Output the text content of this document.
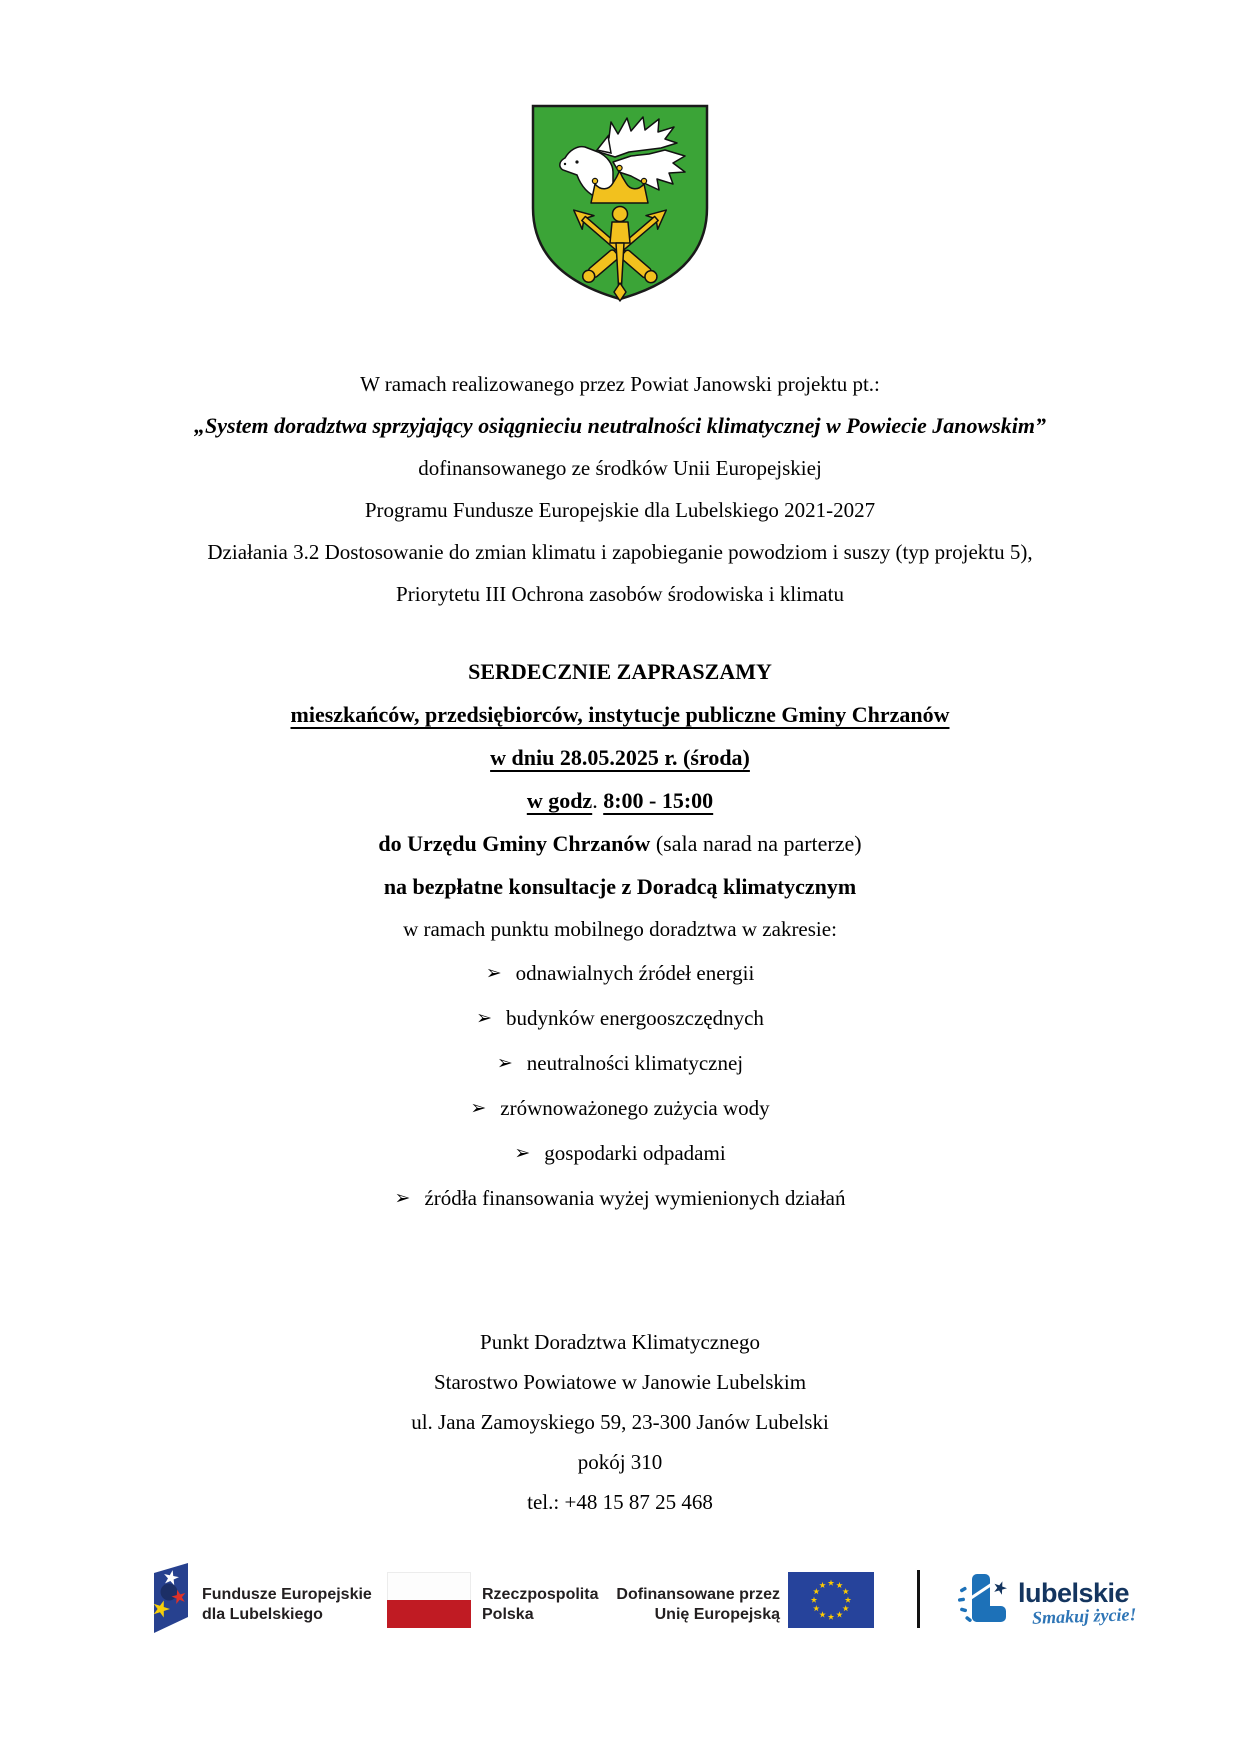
W ramach realizowanego przez Powiat Janowski projektu pt.:
„System doradztwa sprzyjający osiągnieciu neutralności klimatycznej w Powiecie Janowskim”
dofinansowanego ze środków Unii Europejskiej
Programu Fundusze Europejskie dla Lubelskiego 2021-2027
Działania 3.2 Dostosowanie do zmian klimatu i zapobieganie powodziom i suszy (typ projektu 5),
Priorytetu III Ochrona zasobów środowiska i klimatu
SERDECZNIE ZAPRASZAMY
mieszkańców, przedsiębiorców, instytucje publiczne Gminy Chrzanów
w dniu 28.05.2025 r. (środa)
w godz. 8:00 - 15:00
do Urzędu Gminy Chrzanów (sala narad na parterze)
na bezpłatne konsultacje z Doradcą klimatycznym
w ramach punktu mobilnego doradztwa w zakresie:
➢ odnawialnych źródeł energii
➢ budynków energooszczędnych
➢ neutralności klimatycznej
➢ zrównoważonego zużycia wody
➢ gospodarki odpadami
➢ źródła finansowania wyżej wymienionych działań
Punkt Doradztwa Klimatycznego
Starostwo Powiatowe w Janowie Lubelskim
ul. Jana Zamoyskiego 59, 23-300 Janów Lubelski
pokój 310
tel.: +48 15 87 25 468
Fundusze Europejskie
dla Lubelskiego
Rzeczpospolita
Polska
Dofinansowane przez
Unię Europejską
lubelskie
Smakuj życie!
